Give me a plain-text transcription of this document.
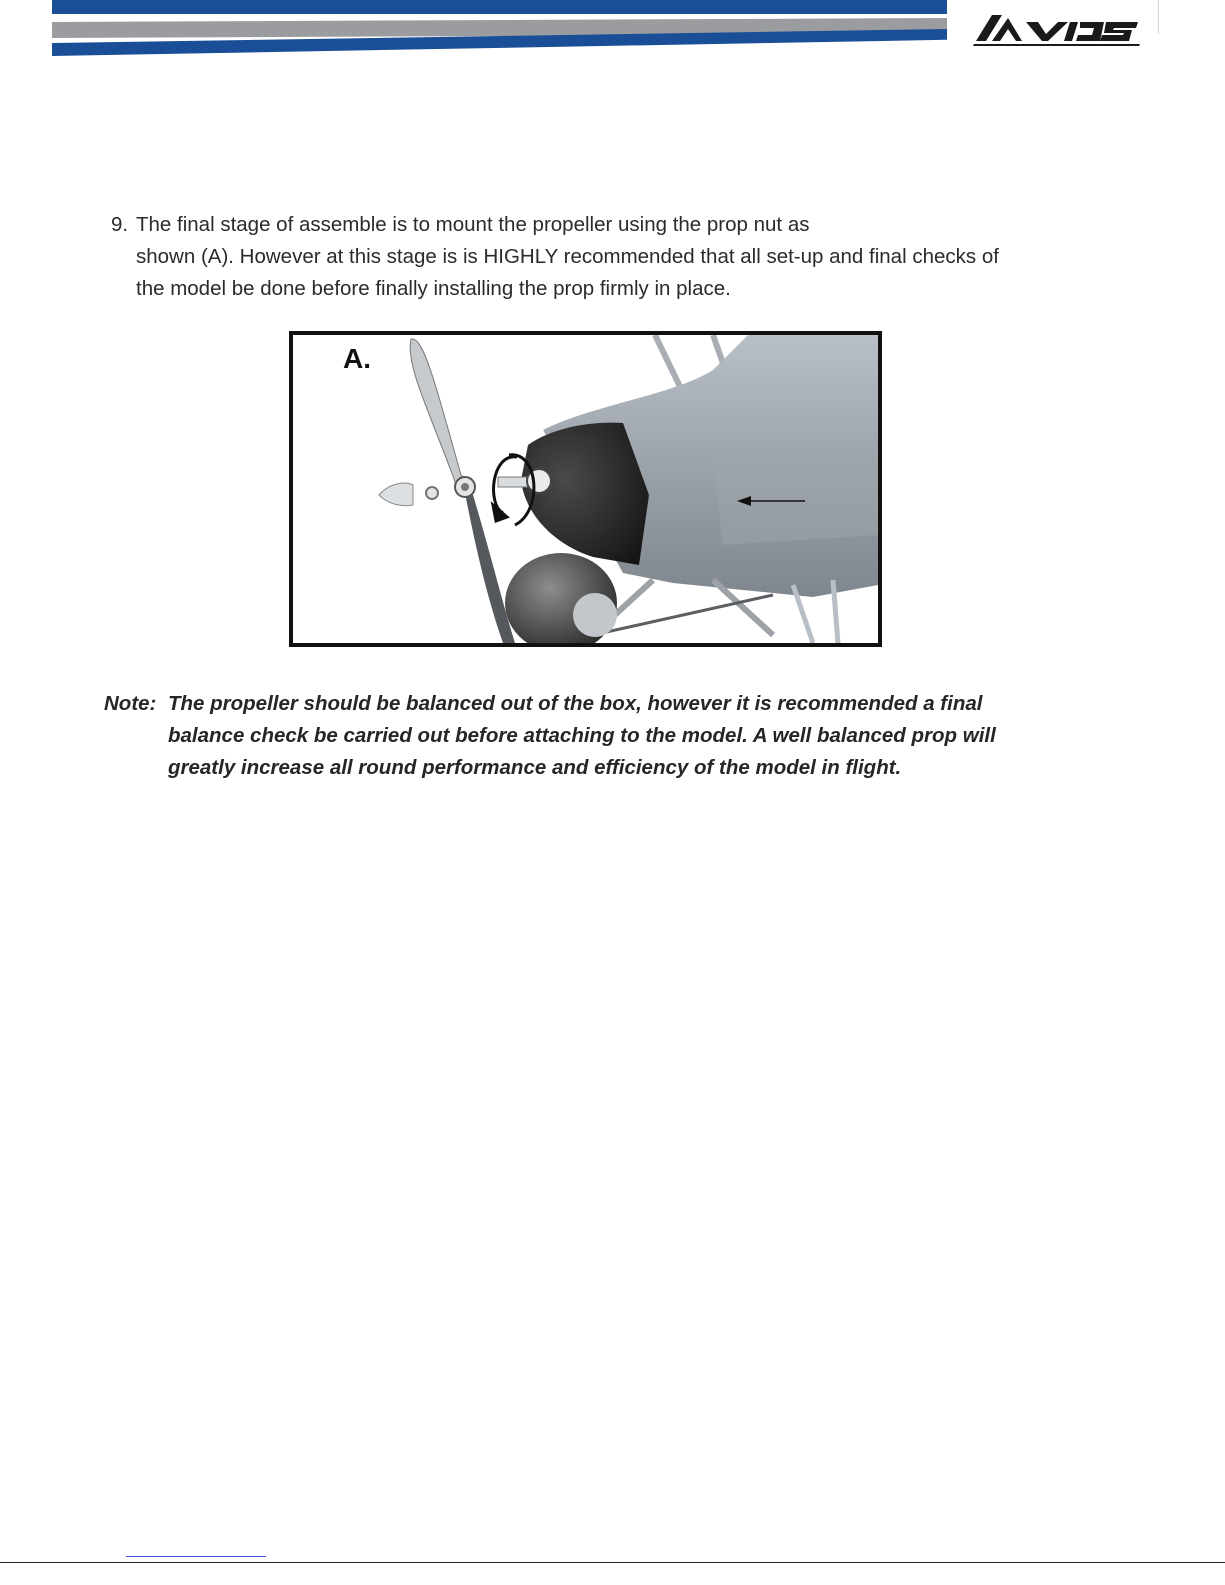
9. The final stage of assemble is to mount the propeller using the prop nut as
shown (A). However at this stage is is HIGHLY recommended that all set-up and final checks of
the model be done before finally installing the prop firmly in place.
A.
Note: The propeller should be balanced out of the box, however it is recommended a final
balance check be carried out before attaching to the model. A well balanced prop will
greatly increase all round performance and efficiency of the model in flight.
